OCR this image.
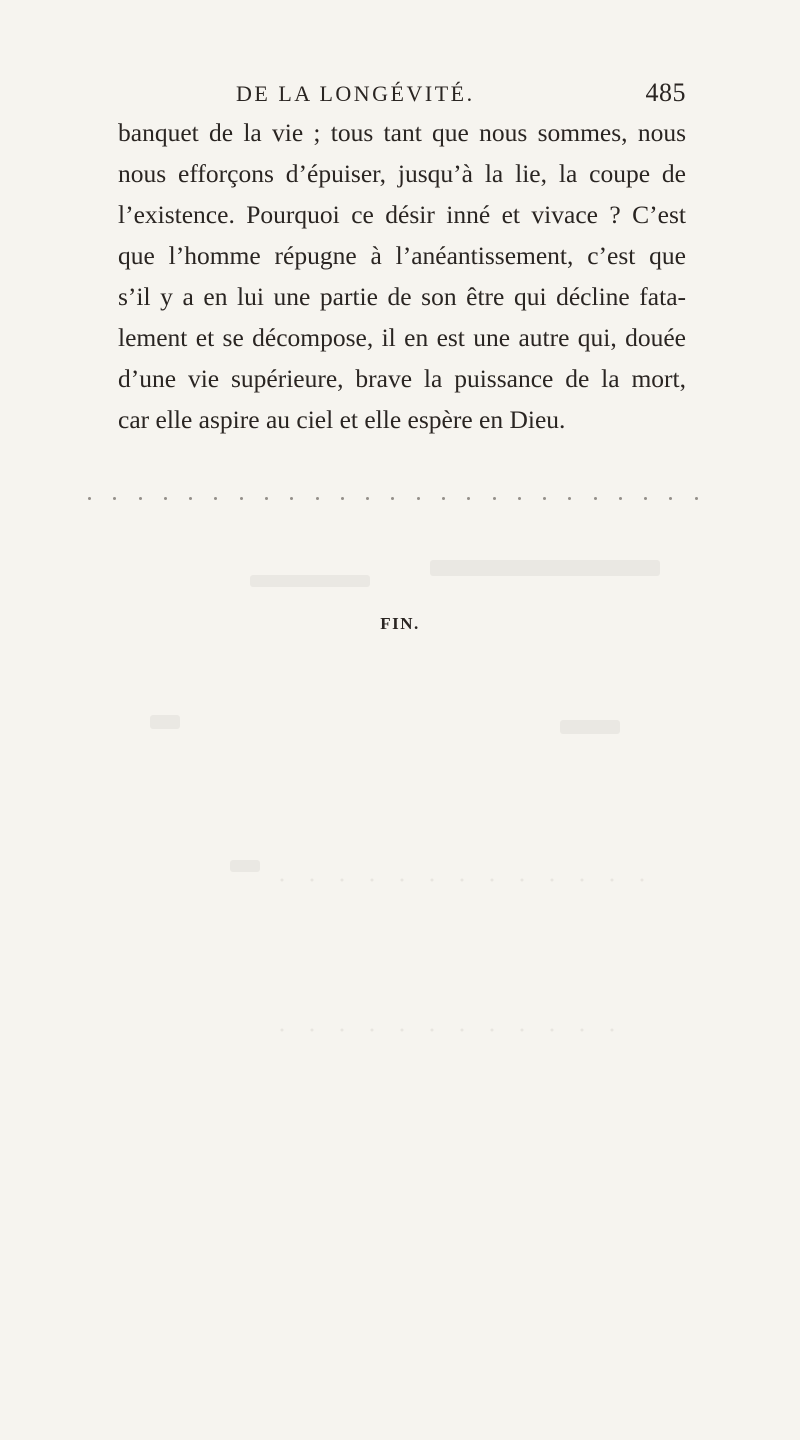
DE LA LONGÉVITÉ.	485
banquet de la vie ; tous tant que nous sommes, nous
nous efforçons d’épuiser, jusqu’à la lie, la coupe de
l’existence. Pourquoi ce désir inné et vivace ? C’est
que l’homme répugne à l’anéantissement, c’est que
s’il y a en lui une partie de son être qui décline fata-
lement et se décompose, il en est une autre qui, douée
d’une vie supérieure, brave la puissance de la mort,
car elle aspire au ciel et elle espère en Dieu.
FIN.
